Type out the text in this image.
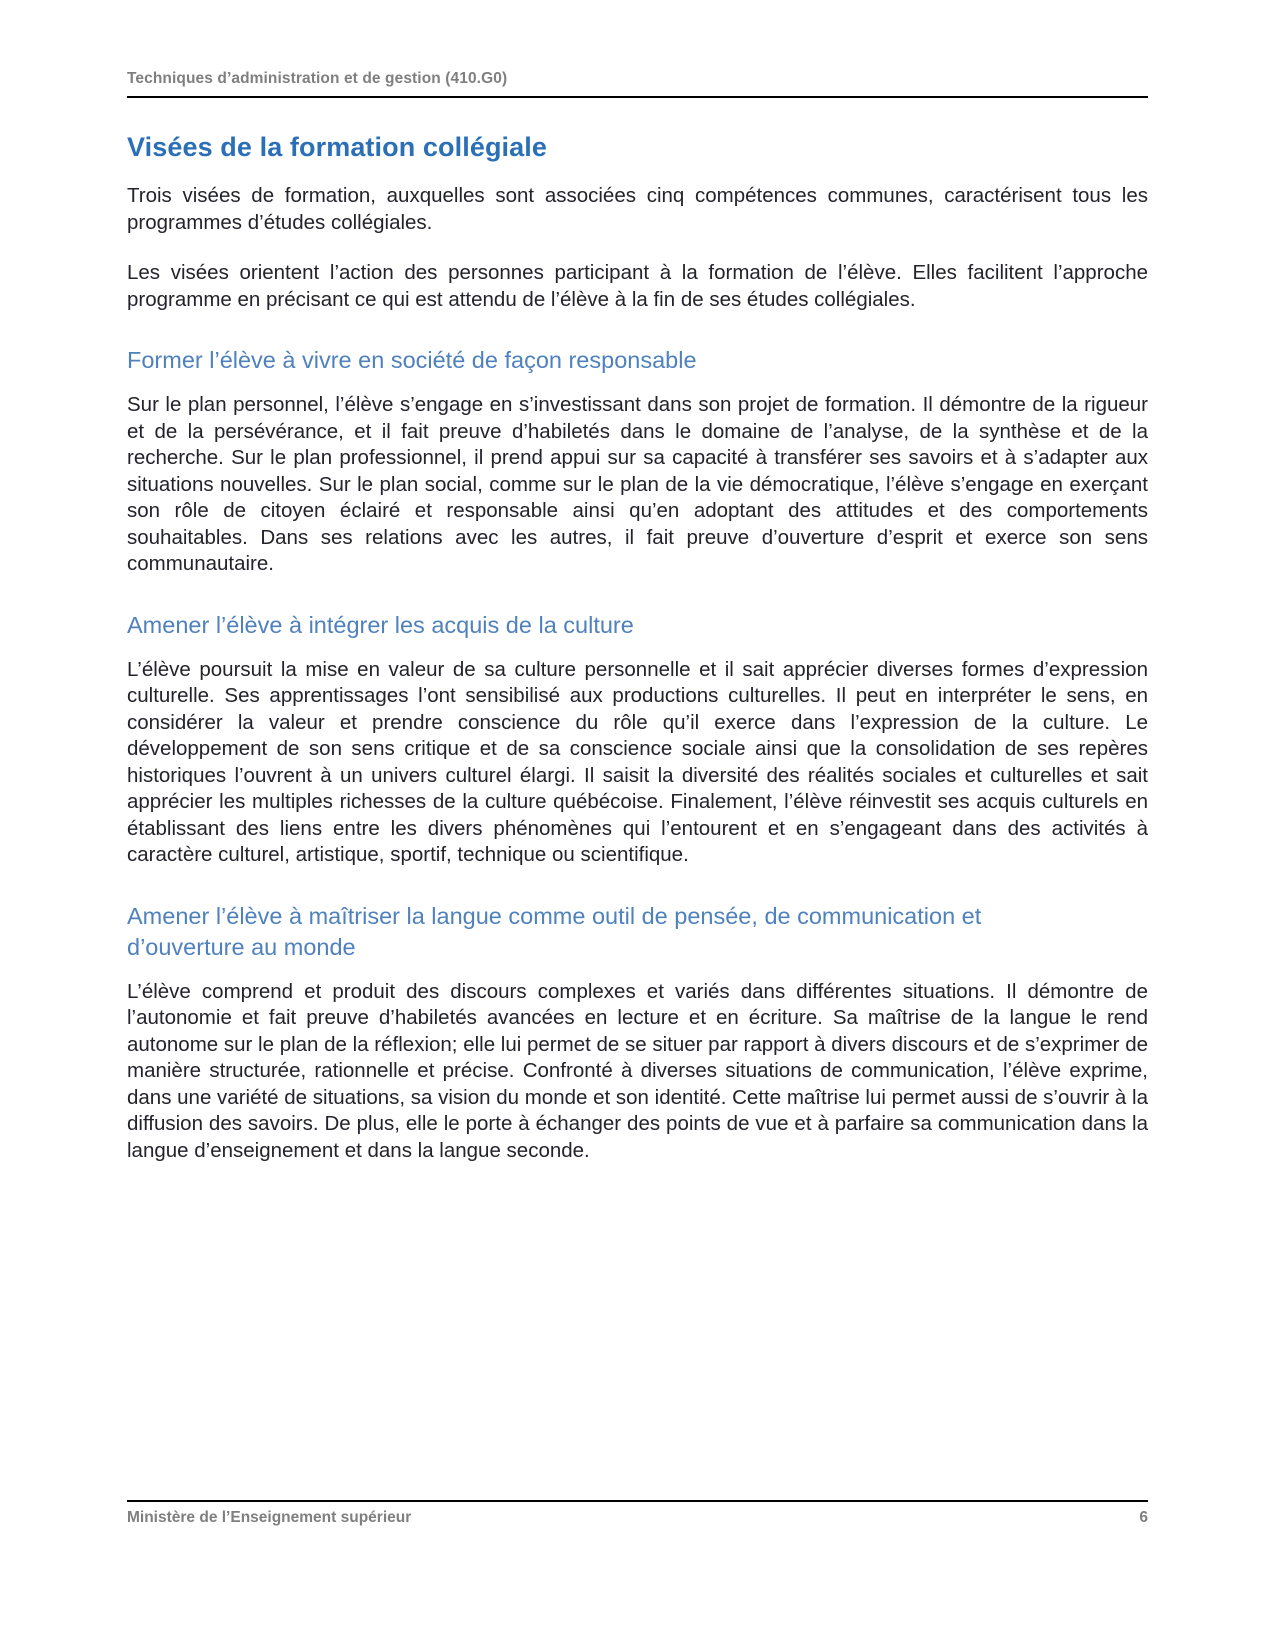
Techniques d’administration et de gestion (410.G0)
Visées de la formation collégiale

Trois visées de formation, auxquelles sont associées cinq compétences communes, caractérisent tous les programmes d’études collégiales.

Les visées orientent l’action des personnes participant à la formation de l’élève. Elles facilitent l’approche programme en précisant ce qui est attendu de l’élève à la fin de ses études collégiales.

Former l’élève à vivre en société de façon responsable

Sur le plan personnel, l’élève s’engage en s’investissant dans son projet de formation. Il démontre de la rigueur et de la persévérance, et il fait preuve d’habiletés dans le domaine de l’analyse, de la synthèse et de la recherche. Sur le plan professionnel, il prend appui sur sa capacité à transférer ses savoirs et à s’adapter aux situations nouvelles. Sur le plan social, comme sur le plan de la vie démocratique, l’élève s’engage en exerçant son rôle de citoyen éclairé et responsable ainsi qu’en adoptant des attitudes et des comportements souhaitables. Dans ses relations avec les autres, il fait preuve d’ouverture d’esprit et exerce son sens communautaire.

Amener l’élève à intégrer les acquis de la culture

L’élève poursuit la mise en valeur de sa culture personnelle et il sait apprécier diverses formes d’expression culturelle. Ses apprentissages l’ont sensibilisé aux productions culturelles. Il peut en interpréter le sens, en considérer la valeur et prendre conscience du rôle qu’il exerce dans l’expression de la culture. Le développement de son sens critique et de sa conscience sociale ainsi que la consolidation de ses repères historiques l’ouvrent à un univers culturel élargi. Il saisit la diversité des réalités sociales et culturelles et sait apprécier les multiples richesses de la culture québécoise. Finalement, l’élève réinvestit ses acquis culturels en établissant des liens entre les divers phénomènes qui l’entourent et en s’engageant dans des activités à caractère culturel, artistique, sportif, technique ou scientifique.

Amener l’élève à maîtriser la langue comme outil de pensée, de communication et d’ouverture au monde

L’élève comprend et produit des discours complexes et variés dans différentes situations. Il démontre de l’autonomie et fait preuve d’habiletés avancées en lecture et en écriture. Sa maîtrise de la langue le rend autonome sur le plan de la réflexion; elle lui permet de se situer par rapport à divers discours et de s’exprimer de manière structurée, rationnelle et précise. Confronté à diverses situations de communication, l’élève exprime, dans une variété de situations, sa vision du monde et son identité. Cette maîtrise lui permet aussi de s’ouvrir à la diffusion des savoirs. De plus, elle le porte à échanger des points de vue et à parfaire sa communication dans la langue d’enseignement et dans la langue seconde.

Ministère de l’Enseignement supérieur	6
